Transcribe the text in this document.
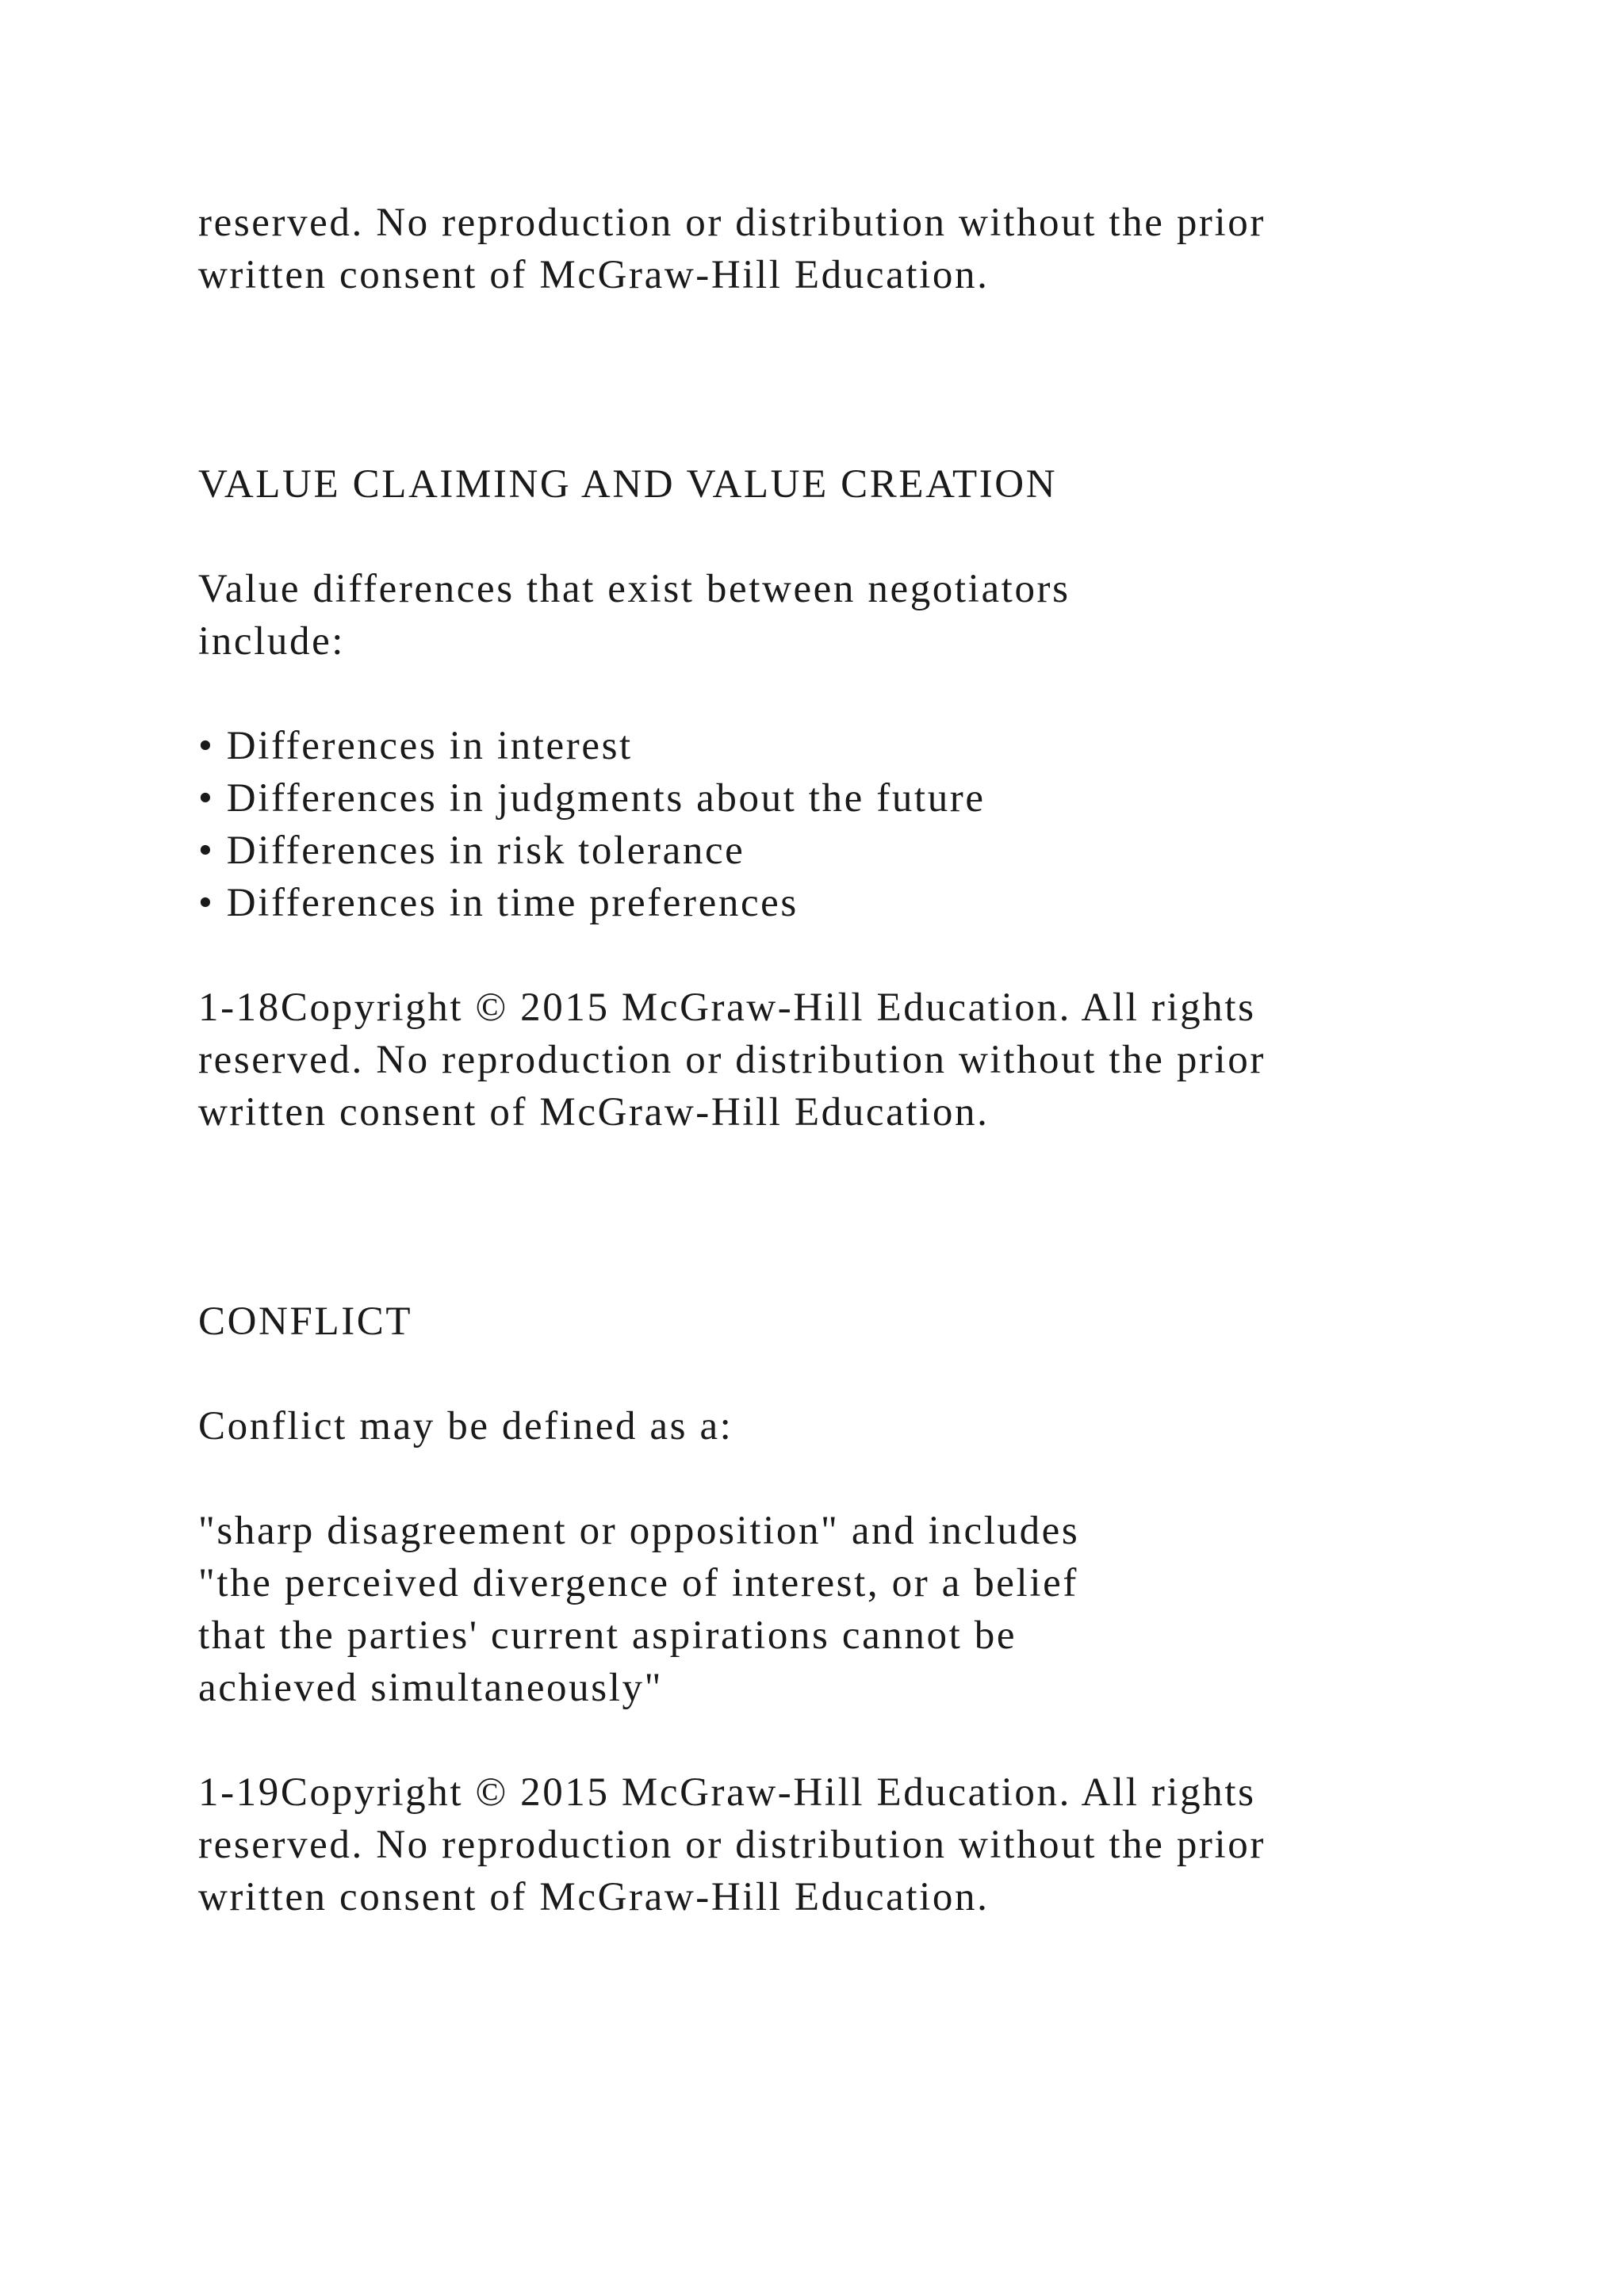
reserved. No reproduction or distribution without the prior

written consent of McGraw-Hill Education.

VALUE CLAIMING AND VALUE CREATION

Value differences that exist between negotiators

include:

• Differences in interest

• Differences in judgments about the future

• Differences in risk tolerance

• Differences in time preferences

1-18Copyright © 2015 McGraw-Hill Education. All rights

reserved. No reproduction or distribution without the prior

written consent of McGraw-Hill Education.

CONFLICT

Conflict may be defined as a:

"sharp disagreement or opposition" and includes

"the perceived divergence of interest, or a belief

that the parties' current aspirations cannot be

achieved simultaneously"

1-19Copyright © 2015 McGraw-Hill Education. All rights

reserved. No reproduction or distribution without the prior

written consent of McGraw-Hill Education.
